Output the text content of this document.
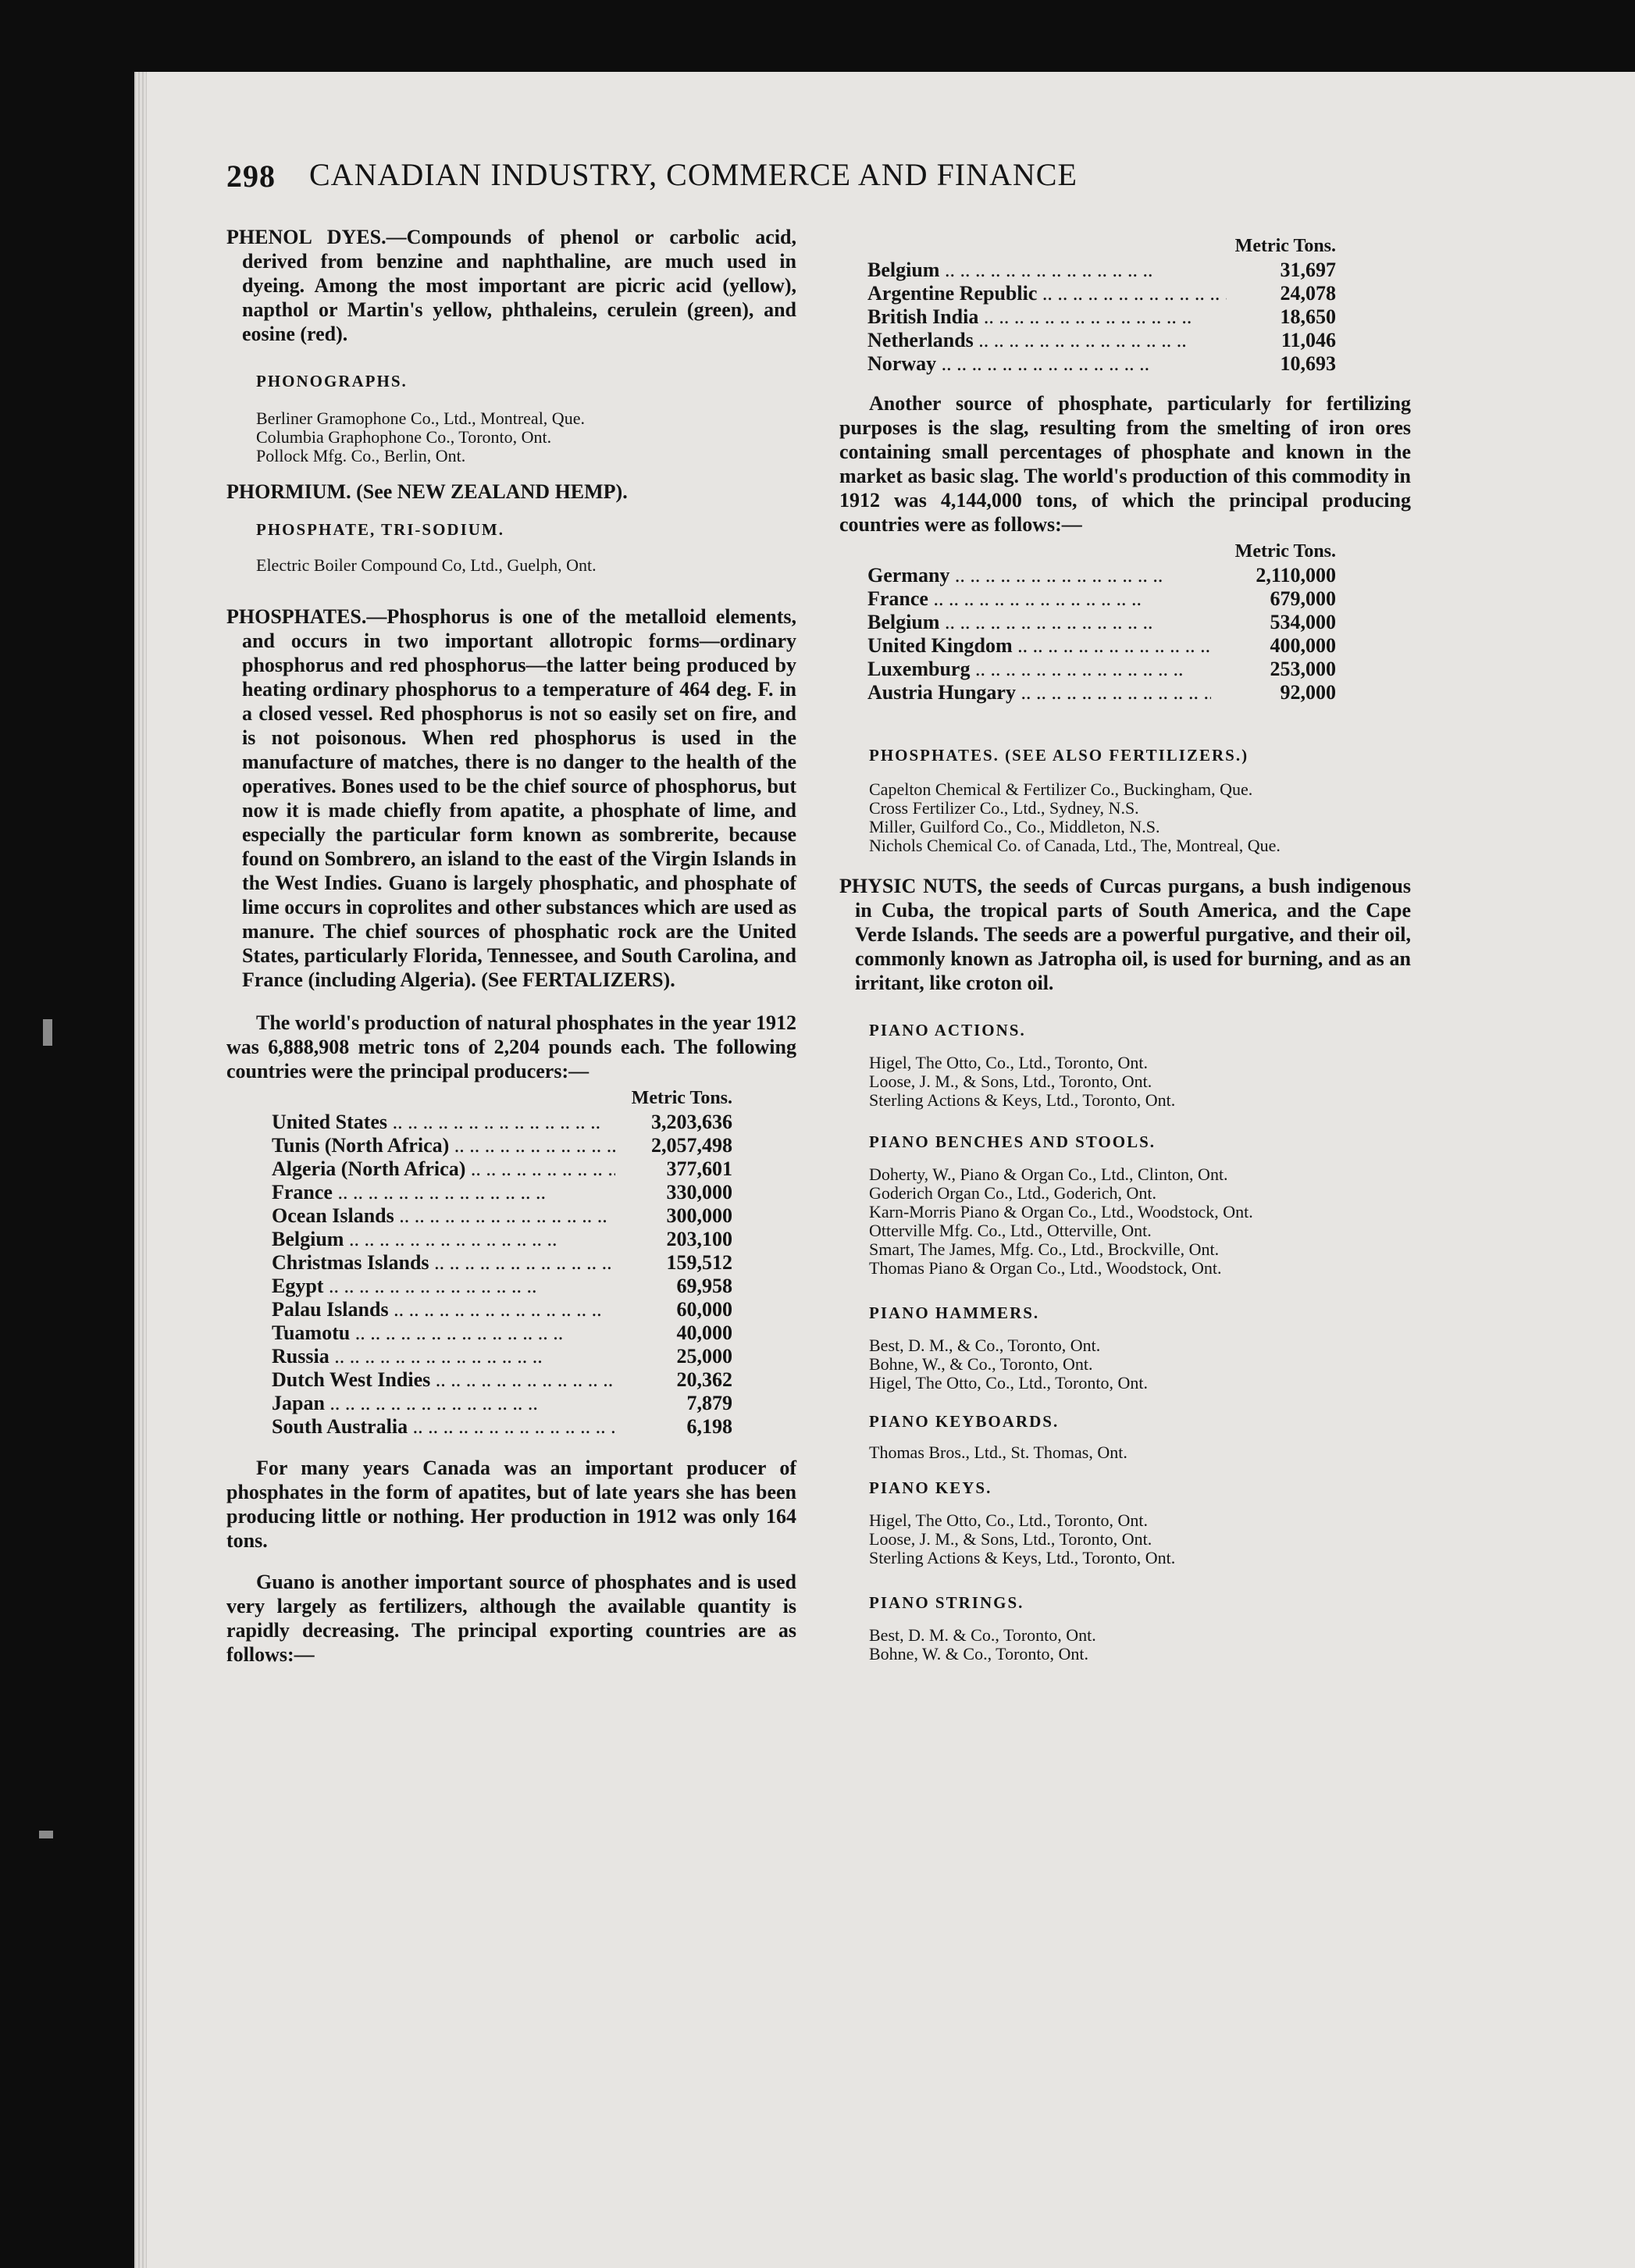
298 CANADIAN INDUSTRY, COMMERCE AND FINANCE

PHENOL DYES.—Compounds of phenol or carbolic acid, derived from benzine and naphthaline, are much used in dyeing. Among the most important are picric acid (yellow), napthol or Martin's yellow, phthaleins, cerulein (green), and eosine (red).

PHONOGRAPHS.

Berliner Gramophone Co., Ltd., Montreal, Que.

Columbia Graphophone Co., Toronto, Ont.

Pollock Mfg. Co., Berlin, Ont.

PHORMIUM. (See NEW ZEALAND HEMP).

PHOSPHATE, TRI-SODIUM.

Electric Boiler Compound Co, Ltd., Guelph, Ont.

PHOSPHATES.—Phosphorus is one of the metalloid elements, and occurs in two important allotropic forms—ordinary phosphorus and red phosphorus—the latter being produced by heating ordinary phosphorus to a temperature of 464 deg. F. in a closed vessel. Red phosphorus is not so easily set on fire, and is not poisonous. When red phosphorus is used in the manufacture of matches, there is no danger to the health of the operatives. Bones used to be the chief source of phosphorus, but now it is made chiefly from apatite, a phosphate of lime, and especially the particular form known as sombrerite, because found on Sombrero, an island to the east of the Virgin Islands in the West Indies. Guano is largely phosphatic, and phosphate of lime occurs in coprolites and other substances which are used as manure. The chief sources of phosphatic rock are the United States, particularly Florida, Tennessee, and South Carolina, and France (including Algeria). (See FERTALIZERS).

The world's production of natural phosphates in the year 1912 was 6,888,908 metric tons of 2,204 pounds each. The following countries were the principal producers:—

Metric Tons.
United States .. ..	3,203,636
Tunis (North Africa) .. ..	2,057,498
Algeria (North Africa) .. ..	377,601
France .. ..	330,000
Ocean Islands .. ..	300,000
Belgium .. ..	203,100
Christmas Islands .. ..	159,512
Egypt .. ..	69,958
Palau Islands .. ..	60,000
Tuamotu .. ..	40,000
Russia .. ..	25,000
Dutch West Indies .. ..	20,362
Japan .. ..	7,879
South Australia .. ..	6,198

For many years Canada was an important producer of phosphates in the form of apatites, but of late years she has been producing little or nothing. Her production in 1912 was only 164 tons.

Guano is another important source of phosphates and is used very largely as fertilizers, although the available quantity is rapidly decreasing. The principal exporting countries are as follows:—

Metric Tons.
Belgium .. ..	31,697
Argentine Republic .. ..	24,078
British India .. ..	18,650
Netherlands .. ..	11,046
Norway .. ..	10,693

Another source of phosphate, particularly for fertilizing purposes is the slag, resulting from the smelting of iron ores containing small percentages of phosphate and known in the market as basic slag. The world's production of this commodity in 1912 was 4,144,000 tons, of which the principal producing countries were as follows:—

Metric Tons.
Germany .. ..	2,110,000
France .. ..	679,000
Belgium .. ..	534,000
United Kingdom .. ..	400,000
Luxemburg .. ..	253,000
Austria Hungary .. ..	92,000

PHOSPHATES. (SEE ALSO FERTILIZERS.)

Capelton Chemical & Fertilizer Co., Buckingham, Que.

Cross Fertilizer Co., Ltd., Sydney, N.S.

Miller, Guilford Co., Co., Middleton, N.S.

Nichols Chemical Co. of Canada, Ltd., The, Montreal, Que.

PHYSIC NUTS, the seeds of Curcas purgans, a bush indigenous in Cuba, the tropical parts of South America, and the Cape Verde Islands. The seeds are a powerful purgative, and their oil, commonly known as Jatropha oil, is used for burning, and as an irritant, like croton oil.

PIANO ACTIONS.

Higel, The Otto, Co., Ltd., Toronto, Ont.

Loose, J. M., & Sons, Ltd., Toronto, Ont.

Sterling Actions & Keys, Ltd., Toronto, Ont.

PIANO BENCHES AND STOOLS.

Doherty, W., Piano & Organ Co., Ltd., Clinton, Ont.

Goderich Organ Co., Ltd., Goderich, Ont.

Karn-Morris Piano & Organ Co., Ltd., Woodstock, Ont.

Otterville Mfg. Co., Ltd., Otterville, Ont.

Smart, The James, Mfg. Co., Ltd., Brockville, Ont.

Thomas Piano & Organ Co., Ltd., Woodstock, Ont.

PIANO HAMMERS.

Best, D. M., & Co., Toronto, Ont.

Bohne, W., & Co., Toronto, Ont.

Higel, The Otto, Co., Ltd., Toronto, Ont.

PIANO KEYBOARDS.

Thomas Bros., Ltd., St. Thomas, Ont.

PIANO KEYS.

Higel, The Otto, Co., Ltd., Toronto, Ont.

Loose, J. M., & Sons, Ltd., Toronto, Ont.

Sterling Actions & Keys, Ltd., Toronto, Ont.

PIANO STRINGS.

Best, D. M. & Co., Toronto, Ont.

Bohne, W. & Co., Toronto, Ont.
